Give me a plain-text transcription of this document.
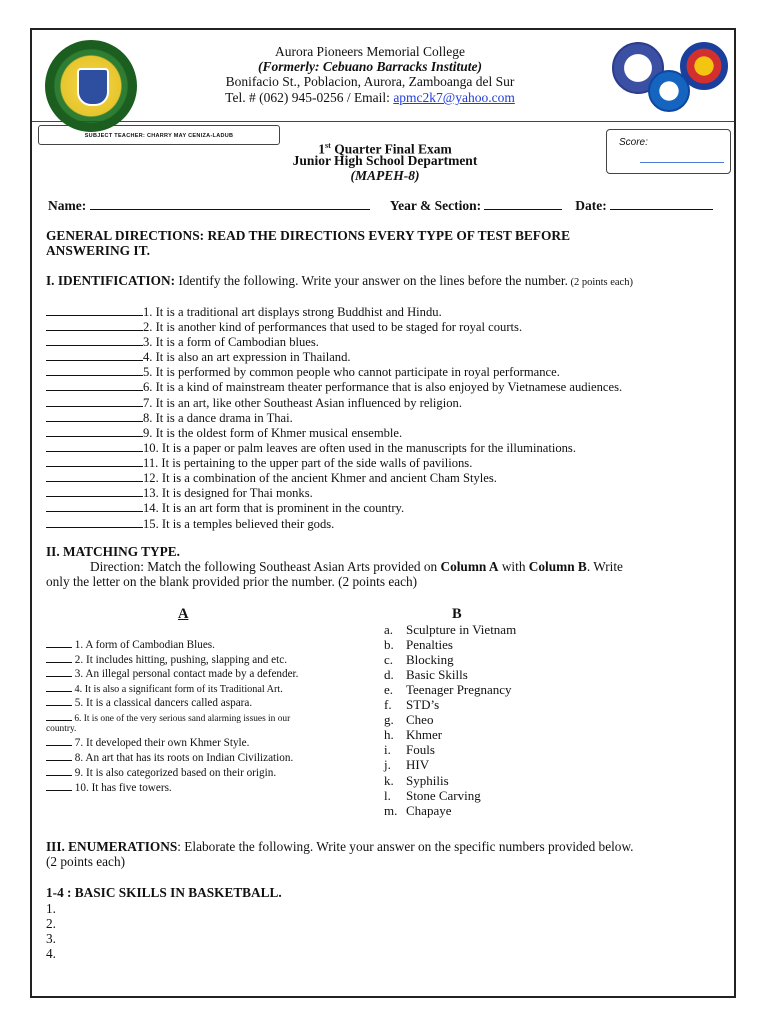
Aurora Pioneers Memorial College
(Formerly: Cebuano Barracks Institute)
Bonifacio St., Poblacion, Aurora, Zamboanga del Sur
Tel. # (062) 945-0256 / Email: apmc2k7@yahoo.com
SUBJECT TEACHER: CHARRY MAY CENIZA-LADUB
Score:
1st Quarter Final Exam
Junior High School Department
(MAPEH-8)
Name:	Year & Section:	Date:
GENERAL DIRECTIONS: READ THE DIRECTIONS EVERY TYPE OF TEST BEFORE
ANSWERING IT.
I. IDENTIFICATION: Identify the following. Write your answer on the lines before the number. (2 points each)
1. It is a traditional art displays strong Buddhist and Hindu.
2. It is another kind of performances that used to be staged for royal courts.
3. It is a form of Cambodian blues.
4. It is also an art expression in Thailand.
5. It is performed by common people who cannot participate in royal performance.
6. It is a kind of mainstream theater performance that is also enjoyed by Vietnamese audiences.
7. It is an art, like other Southeast Asian influenced by religion.
8. It is a dance drama in Thai.
9. It is the oldest form of Khmer musical ensemble.
10. It is a paper or palm leaves are often used in the manuscripts for the illuminations.
11. It is pertaining to the upper part of the side walls of pavilions.
12. It is a combination of the ancient Khmer and ancient Cham Styles.
13. It is designed for Thai monks.
14. It is an art form that is prominent in the country.
15. It is a temples believed their gods.
II. MATCHING TYPE.
Direction: Match the following Southeast Asian Arts provided on Column A with Column B. Write
only the letter on the blank provided prior the number. (2 points each)
A	B
1. A form of Cambodian Blues.
2. It includes hitting, pushing, slapping and etc.
3. An illegal personal contact made by a defender.
4. It is also a significant form of its Traditional Art.
5. It is a classical dancers called aspara.
6. It is one of the very serious sand alarming issues in our
country.
7. It developed their own Khmer Style.
8. An art that has its roots on Indian Civilization.
9. It is also categorized based on their origin.
10. It has five towers.
a. Sculpture in Vietnam
b. Penalties
c. Blocking
d. Basic Skills
e. Teenager Pregnancy
f. STD’s
g. Cheo
h. Khmer
i. Fouls
j. HIV
k. Syphilis
l. Stone Carving
m. Chapaye
III. ENUMERATIONS: Elaborate the following. Write your answer on the specific numbers provided below.
(2 points each)
1-4 : BASIC SKILLS IN BASKETBALL.
1.
2.
3.
4.
